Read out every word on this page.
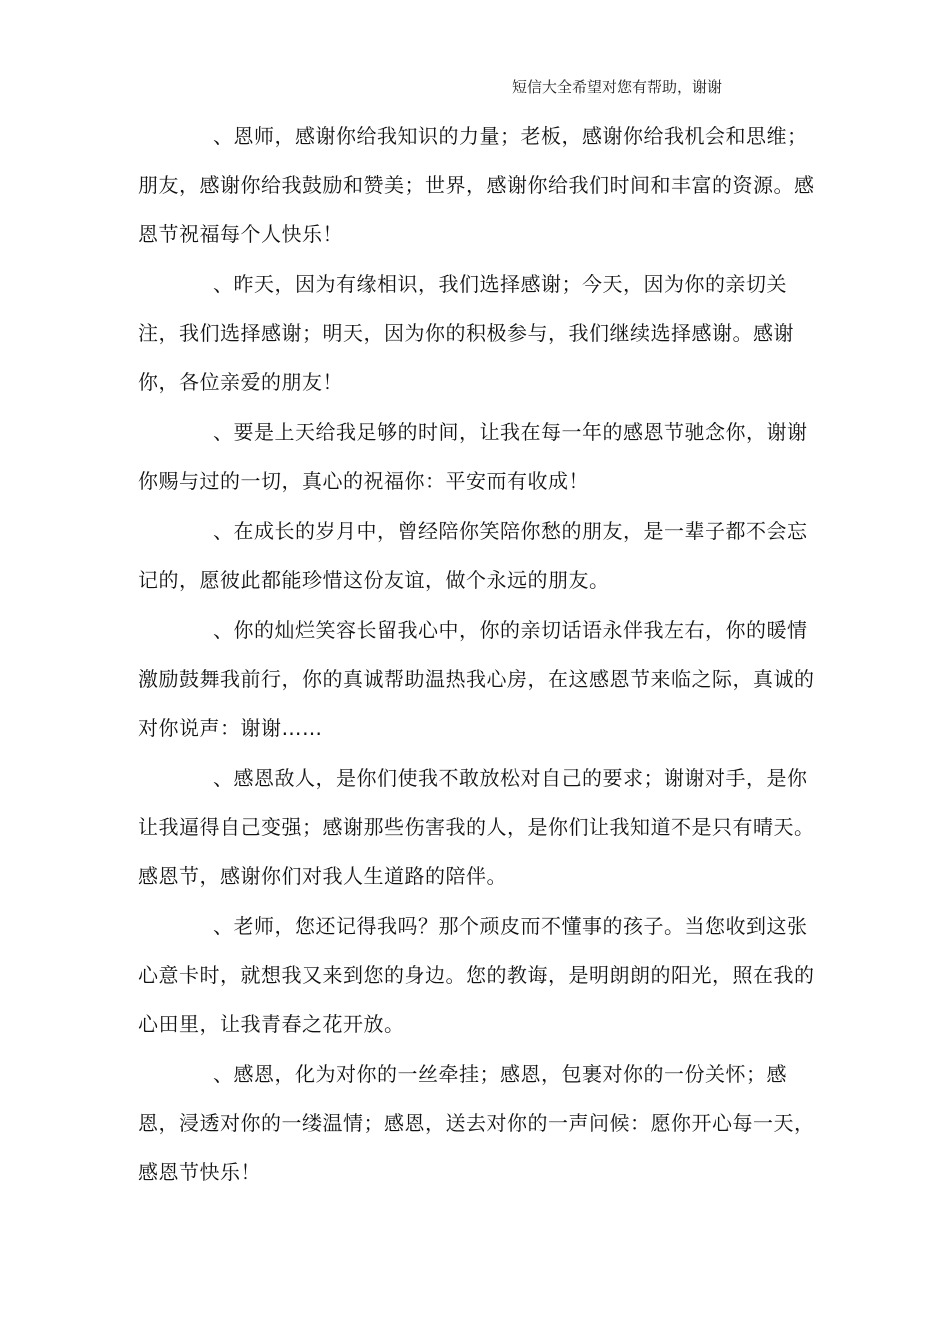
短信大全希望对您有帮助，谢谢

、恩师，感谢你给我知识的力量；老板，感谢你给我机会和思维；朋友，感谢你给我鼓励和赞美；世界，感谢你给我们时间和丰富的资源。感恩节祝福每个人快乐！

、昨天，因为有缘相识，我们选择感谢；今天，因为你的亲切关注，我们选择感谢；明天，因为你的积极参与，我们继续选择感谢。感谢你，各位亲爱的朋友！

、要是上天给我足够的时间，让我在每一年的感恩节驰念你，谢谢你赐与过的一切，真心的祝福你：平安而有收成！

、在成长的岁月中，曾经陪你笑陪你愁的朋友，是一辈子都不会忘记的，愿彼此都能珍惜这份友谊，做个永远的朋友。

、你的灿烂笑容长留我心中，你的亲切话语永伴我左右，你的暖情激励鼓舞我前行，你的真诚帮助温热我心房，在这感恩节来临之际，真诚的对你说声：谢谢……

、感恩敌人，是你们使我不敢放松对自己的要求；谢谢对手，是你让我逼得自己变强；感谢那些伤害我的人，是你们让我知道不是只有晴天。感恩节，感谢你们对我人生道路的陪伴。

、老师，您还记得我吗？那个顽皮而不懂事的孩子。当您收到这张心意卡时，就想我又来到您的身边。您的教诲，是明朗朗的阳光，照在我的心田里，让我青春之花开放。

、感恩，化为对你的一丝牵挂；感恩，包裹对你的一份关怀；感恩，浸透对你的一缕温情；感恩，送去对你的一声问候：愿你开心每一天，感恩节快乐！
